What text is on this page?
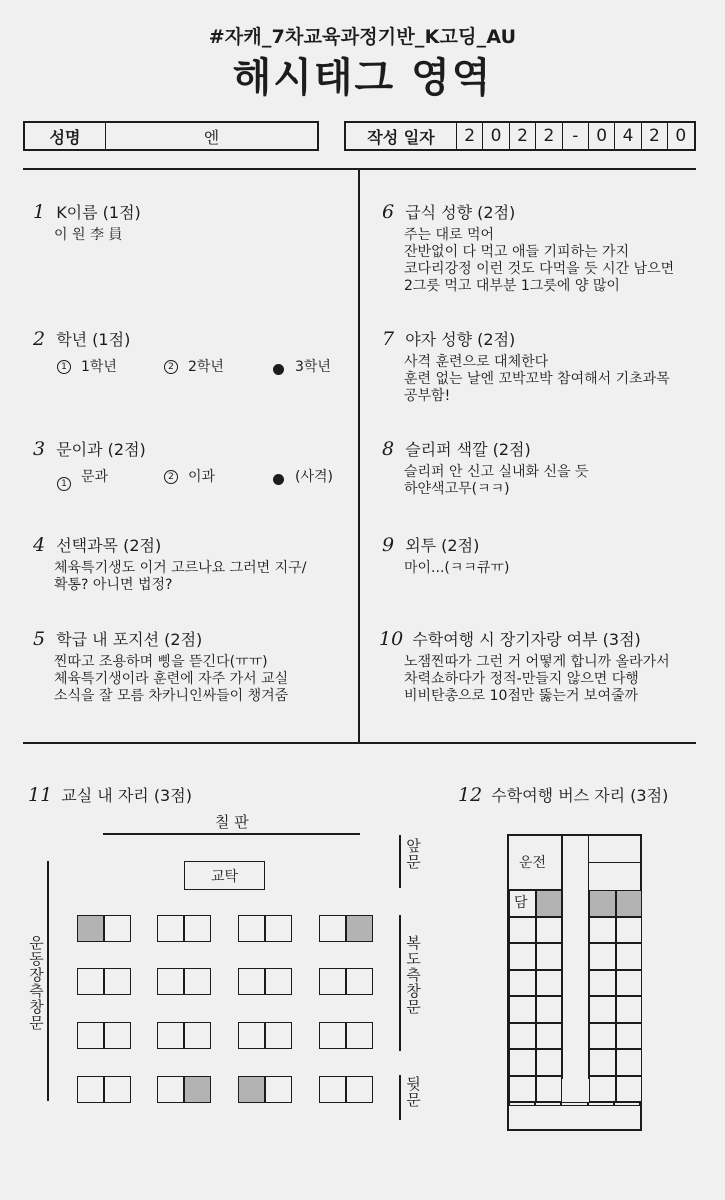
#자캐_7차교육과정기반_K고딩_AU
해시태그 영역
성명	엔	작성 일자	2 0 2 2	-	0 4 2 0
1 K이름 (1점)
이 원 李 員
2 학년 (1점)
1 1학년	2 2학년	3학년
3 문이과 (2점)
1 문과	2 이과	(사격)
4 선택과목 (2점)
체육특기생도 이거 고르나요 그러면 지구/
확통? 아니면 법정?
5 학급 내 포지션 (2점)
찐따고 조용하며 삥을 뜯긴다(ㅠㅠ)
체육특기생이라 훈련에 자주 가서 교실
소식을 잘 모름 차카니인싸들이 챙겨줌
6 급식 성향 (2점)
주는 대로 먹어
잔반없이 다 먹고 애들 기피하는 가지
코다리강정 이런 것도 다먹을 듯 시간 남으면
2그릇 먹고 대부분 1그릇에 양 많이
7 야자 성향 (2점)
사격 훈련으로 대체한다
훈련 없는 날엔 꼬박꼬박 참여해서 기초과목
공부함!
8 슬리퍼 색깔 (2점)
슬리퍼 안 신고 실내화 신을 듯
하얀색고무(ㅋㅋ)
9 외투 (2점)
마이...(ㅋㅋ큐ㅠ)
10 수학여행 시 장기자랑 여부 (3점)
노잼찐따가 그런 거 어떻게 합니까 올라가서
차력쇼하다가 정적-만들지 않으면 다행
비비탄총으로 10점만 뚫는거 보여줄까
11 교실 내 자리 (3점)	12 수학여행 버스 자리 (3점)
칠 판
교탁
운동장측창문
앞문
복도측창문
뒷문
운전
담
